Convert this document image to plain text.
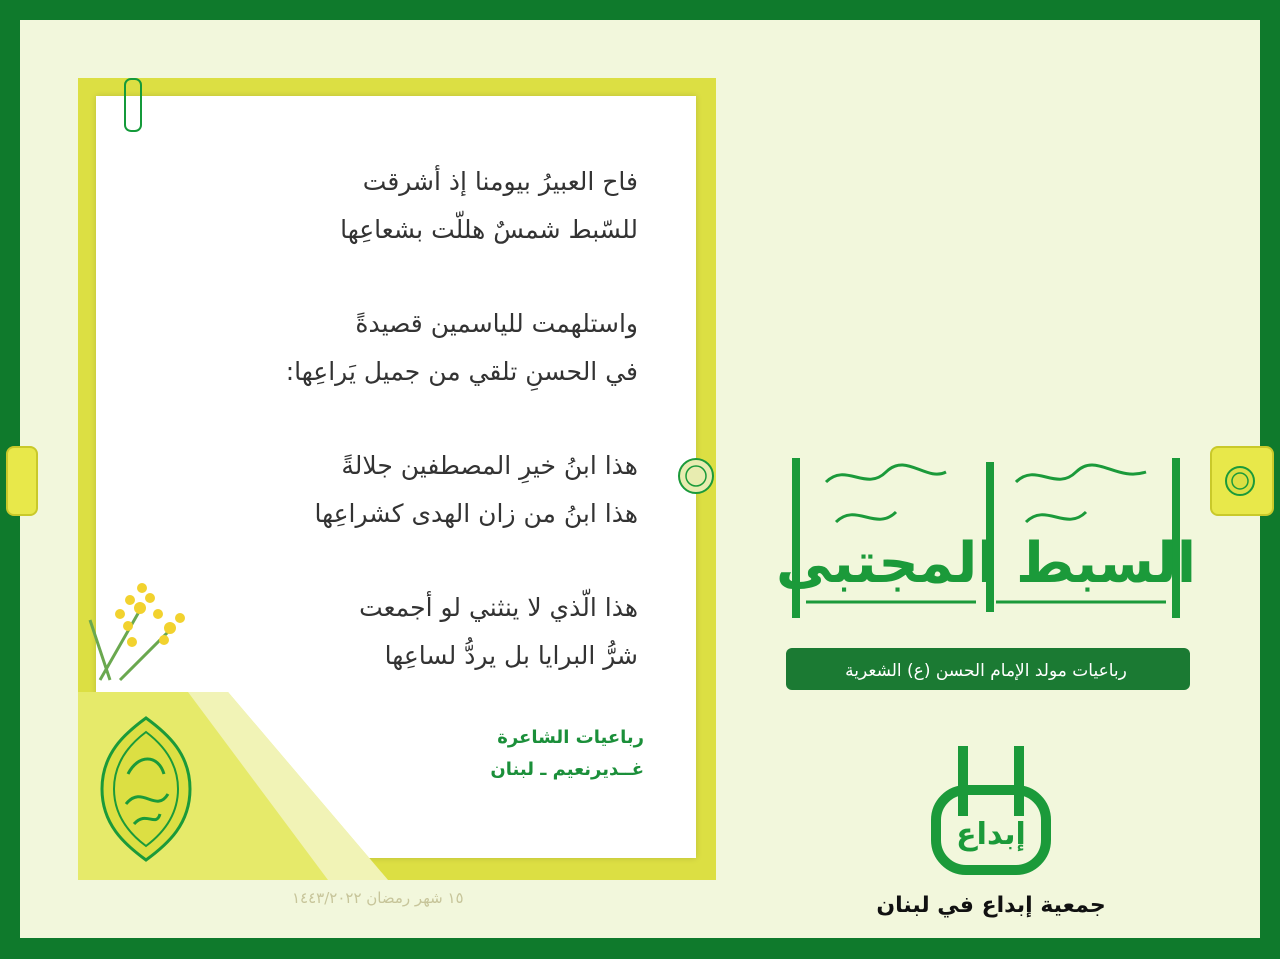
فاح العبيرُ بيومنا إذ أشرقت
للسّبط شمسٌ هللّت بشعاعِها
واستلهمت للياسمين قصيدةً
في الحسنِ تلقي من جميل يَراعِها:
هذا ابنُ خيرِ المصطفين جلالةً
هذا ابنُ من زان الهدى كشراعِها
هذا الّذي لا ينثني لو أجمعت
شرُّ البرايا بل يردُّ لساعِها
رباعيات الشاعرة
غــديرنعيم ـ لبنان
١٥ شهر رمضان ١٤٤٣/٢٠٢٢
السبط المجتبى
رباعيات مولد الإمام الحسن (ع) الشعرية
إبداع
جمعية إبداع في لبنان
